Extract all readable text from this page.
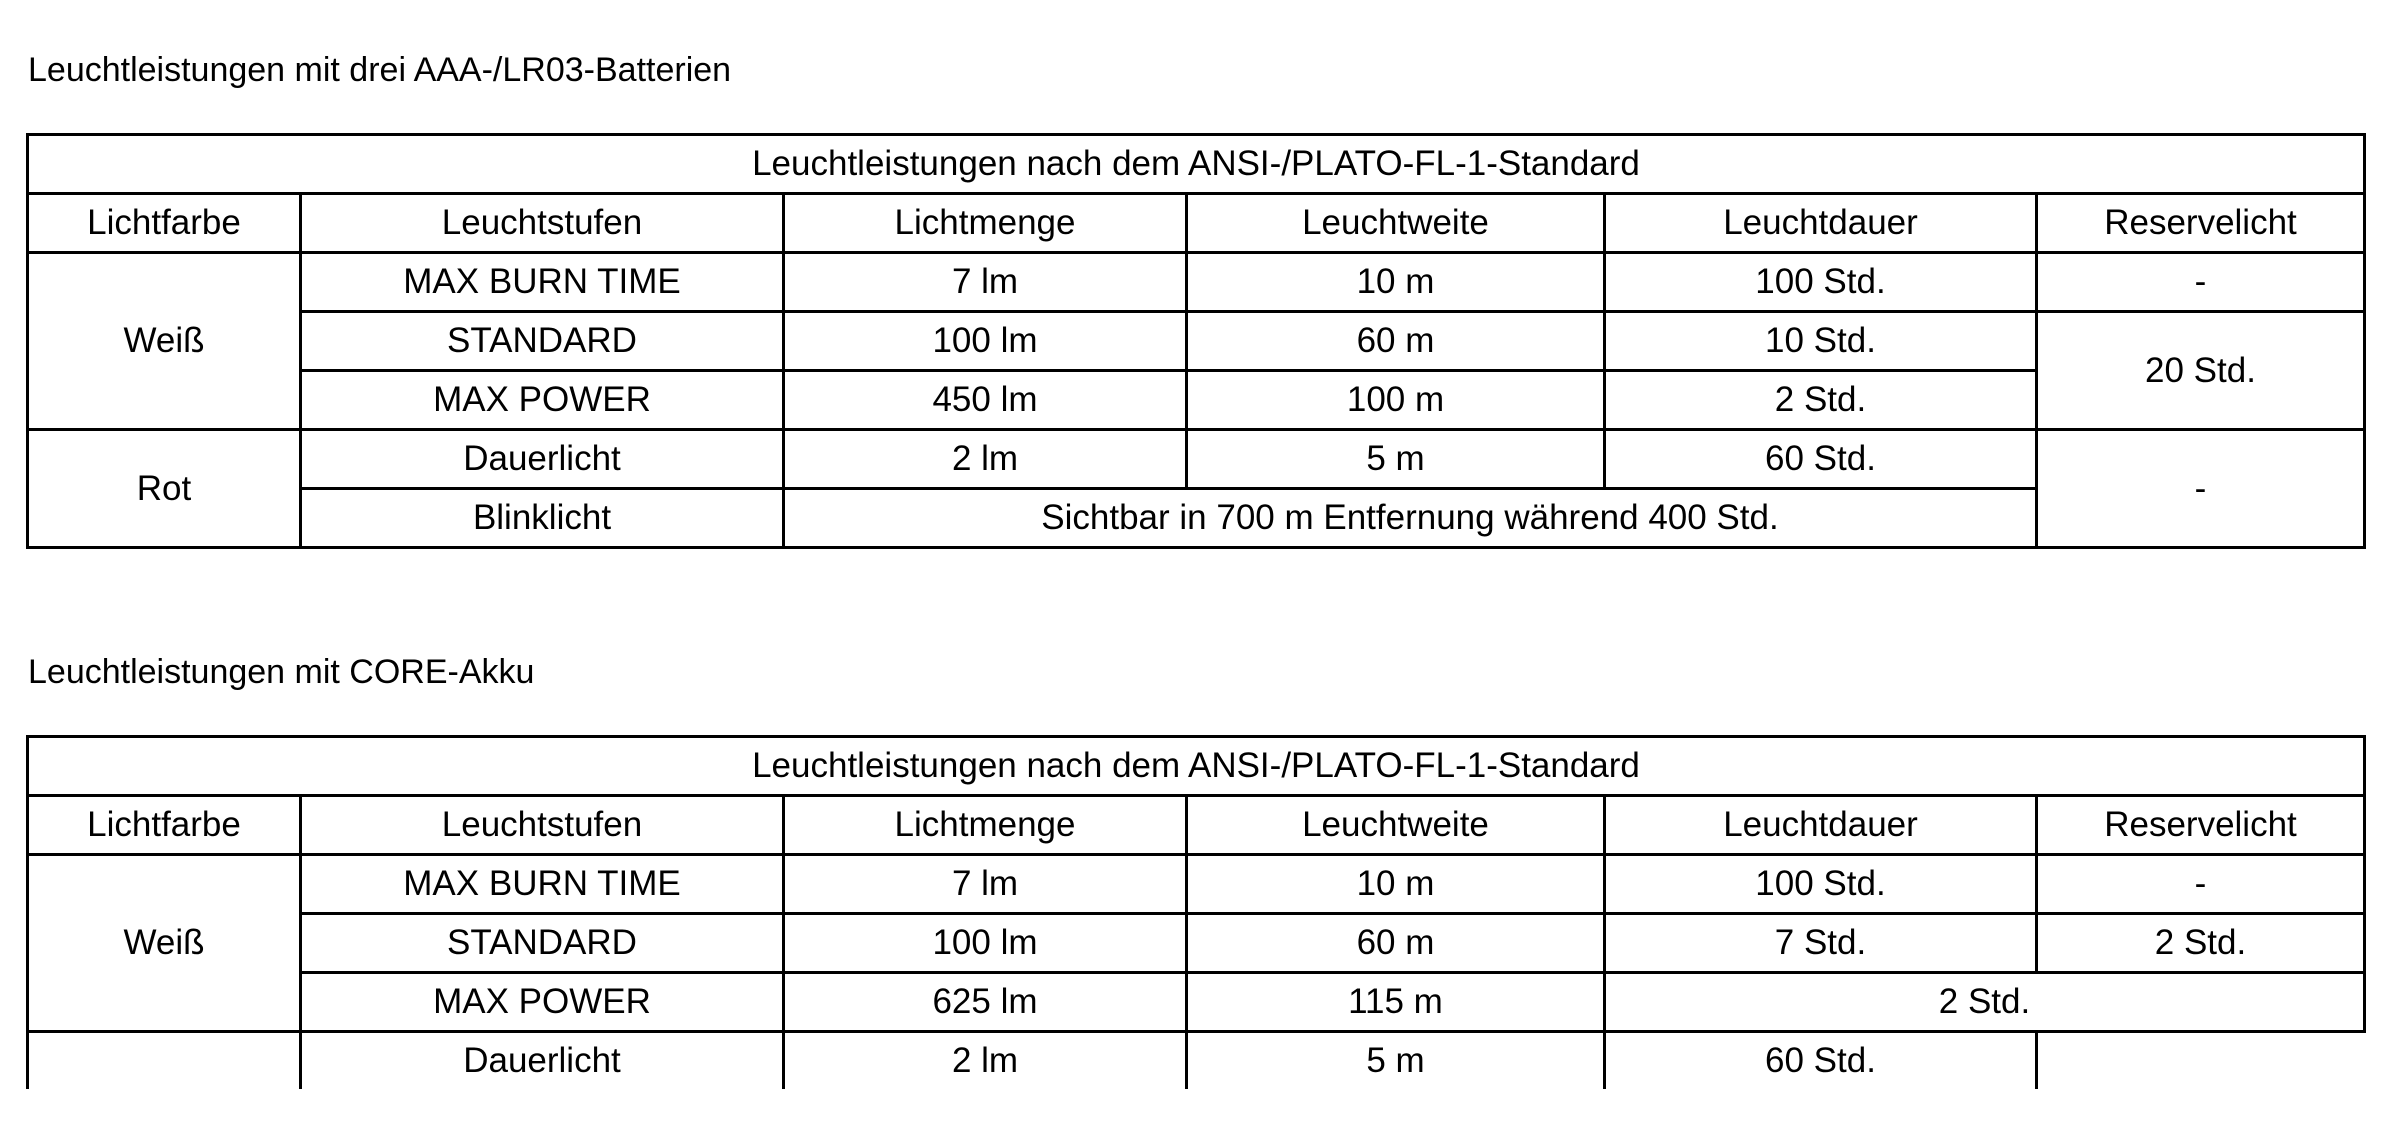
Leuchtleistungen mit drei AAA-/LR03-Batterien
Leuchtleistungen nach dem ANSI-/PLATO-FL-1-Standard					
Lichtfarbe	Leuchtstufen	Lichtmenge	Leuchtweite	Leuchtdauer	Reservelicht
Weiß	MAX BURN TIME	7 lm	10 m	100 Std.	-
	STANDARD	100 lm	60 m	10 Std.	20 Std.
	MAX POWER	450 lm	100 m	2 Std.	
Rot	Dauerlicht	2 lm	5 m	60 Std.	-
	Blinklicht	Sichtbar in 700 m Entfernung während 400 Std.			
Leuchtleistungen mit CORE-Akku
Leuchtleistungen nach dem ANSI-/PLATO-FL-1-Standard					
Lichtfarbe	Leuchtstufen	Lichtmenge	Leuchtweite	Leuchtdauer	Reservelicht
Weiß	MAX BURN TIME	7 lm	10 m	100 Std.	-
	STANDARD	100 lm	60 m	7 Std.	2 Std.
	MAX POWER	625 lm	115 m	2 Std.	
	Dauerlicht	2 lm	5 m	60 Std.	
